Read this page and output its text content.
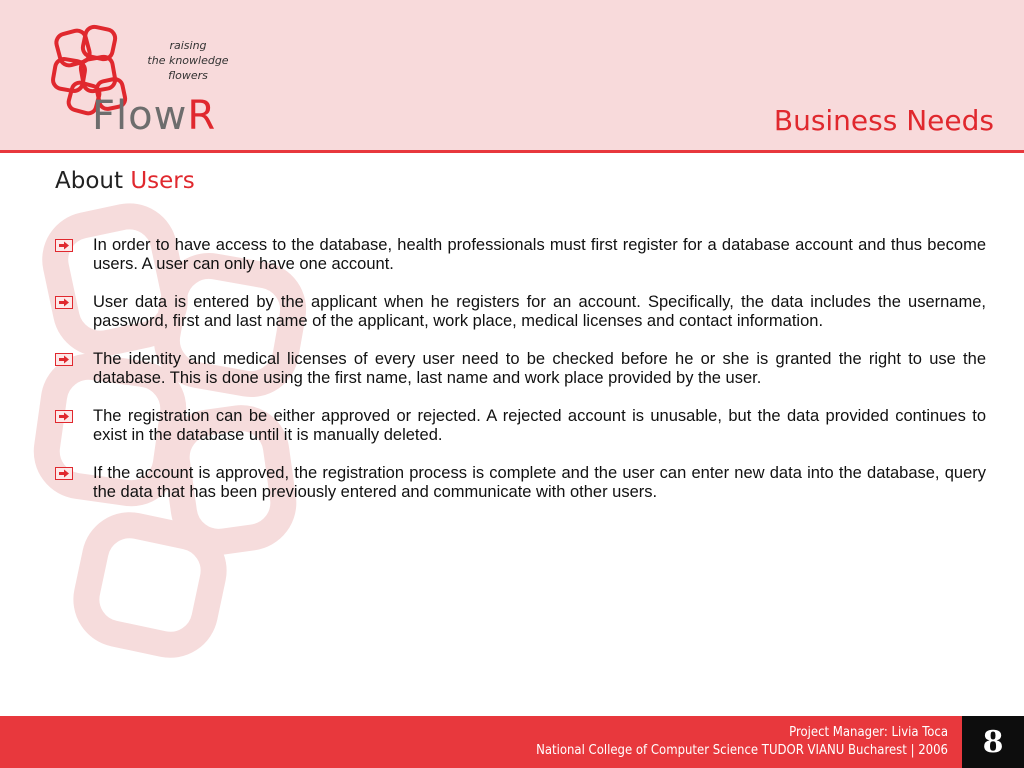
raising
the knowledge
flowers
FlowR	Business Needs
About Users
In order to have access to the database, health professionals must first register for a database account and thus become users. A user can only have one account.
User data is entered by the applicant when he registers for an account. Specifically, the data includes the username, password, first and last name of the applicant, work place, medical licenses and contact information.
The identity and medical licenses of every user need to be checked before he or she is granted the right to use the database. This is done using the first name, last name and work place provided by the user.
The registration can be either approved or rejected. A rejected account is unusable, but the data provided continues to exist in the database until it is manually deleted.
If the account is approved, the registration process is complete and the user can enter new data into the database, query the data that has been previously entered and communicate with other users.
Project Manager: Livia Toca
National College of Computer Science TUDOR VIANU Bucharest | 2006	8
